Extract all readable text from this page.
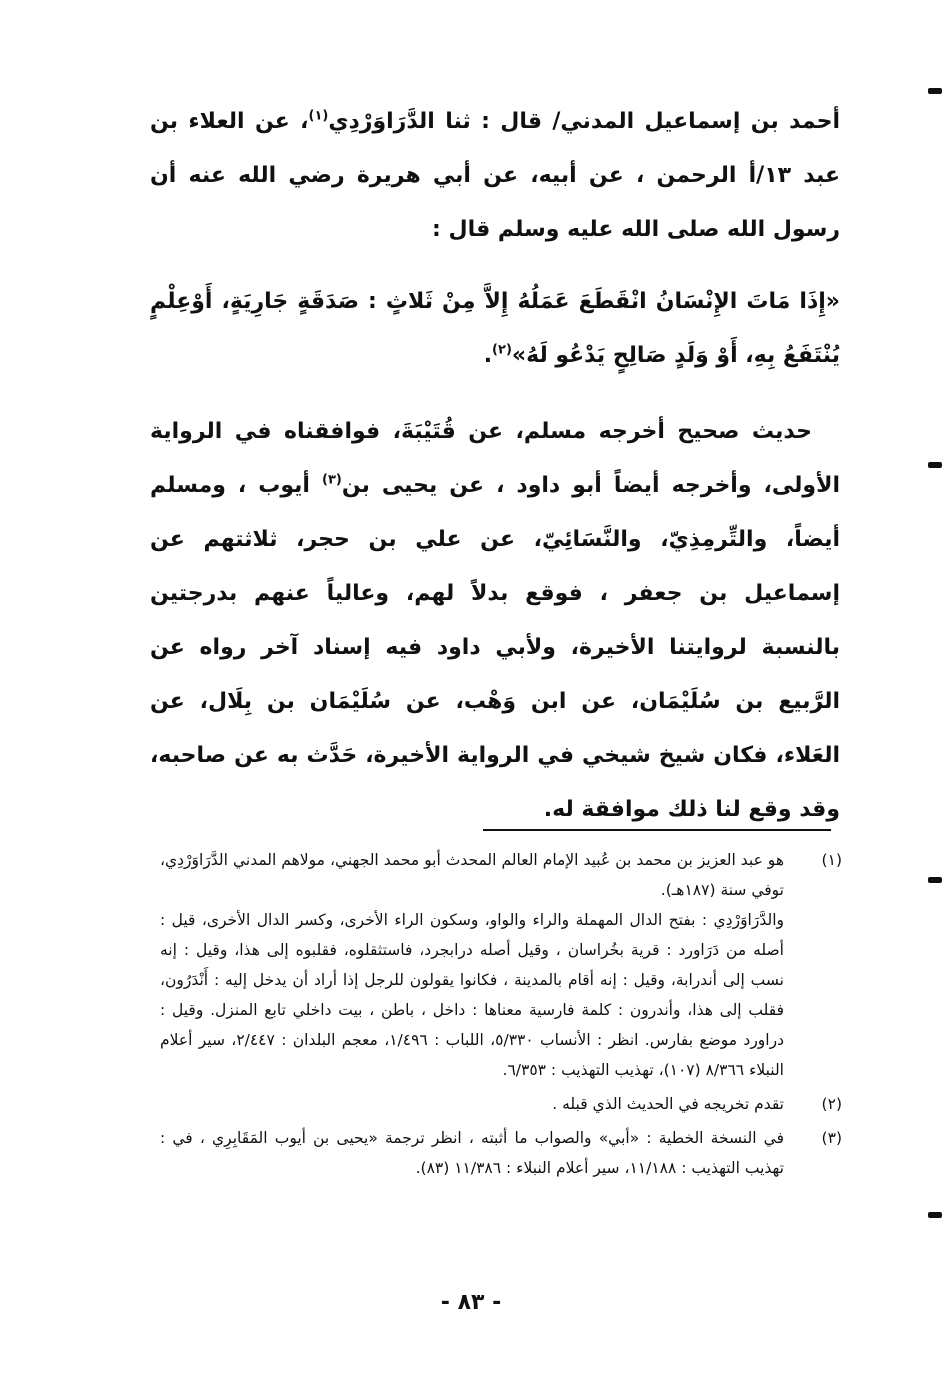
أحمد بن إسماعيل المدني/ قال : ثنا الدَّرَاوَرْدِي$^{(١)}$، عن العلاء بن عبد ١٣/أ الرحمن ، عن أبيه، عن أبي هريرة رضي الله عنه أن رسول الله صلى الله عليه وسلم قال :

«إِذَا مَاتَ الإِنْسَانُ انْقَطَعَ عَمَلُهُ إِلاَّ مِنْ ثَلاثٍ : صَدَقَةٍ جَارِيَةٍ، أَوْعِلْمٍ يُنْتَفَعُ بِهِ، أَوْ وَلَدٍ صَالِحٍ يَدْعُو لَهُ»$^{(٢)}$.

حديث صحيح أخرجه مسلم، عن قُتَيْبَةَ، فوافقناه في الرواية الأولى، وأخرجه أيضاً أبو داود ، عن يحيى بن$^{(٣)}$ أيوب ، ومسلم أيضاً، والتِّرمِذِيّ، والنَّسَائِيّ، عن علي بن حجر، ثلاثتهم عن إسماعيل بن جعفر ، فوقع بدلاً لهم، وعالياً عنهم بدرجتين بالنسبة لروايتنا الأخيرة، ولأبي داود فيه إسناد آخر رواه عن الرَّبيع بن سُلَيْمَان، عن ابن وَهْب، عن سُلَيْمَان بن بِلَال، عن العَلاء، فكان شيخ شيخي في الرواية الأخيرة، حَدَّث به عن صاحبه، وقد وقع لنا ذلك موافقة له.

(١)

هو عبد العزيز بن محمد بن عُبيد الإمام العالم المحدث أبو محمد الجهني، مولاهم المدني الدَّرَاوَرْدِي، توفي سنة (١٨٧هـ).

والدَّرَاوَرْدِي : بفتح الدال المهملة والراء والواو، وسكون الراء الأخرى، وكسر الدال الأخرى، قيل : أصله من دَرَاورد : قرية بخُراسان ، وقيل أصله درابجرد، فاستثقلوه، فقلبوه إلى هذا، وقيل : إنه نسب إلى أندرابة، وقيل : إنه أقام بالمدينة ، فكانوا يقولون للرجل إذا أراد أن يدخل إليه : أَنْدَرُون، فقلب إلى هذا، وأندرون : كلمة فارسية معناها : داخل ، باطن ، بيت داخلي تابع المنزل. وقيل : دراورد موضع بفارس. انظر : الأنساب ٥/٣٣٠، اللباب : ١/٤٩٦، معجم البلدان : ٢/٤٤٧، سير أعلام النبلاء ٨/٣٦٦ (١٠٧)، تهذيب التهذيب : ٦/٣٥٣.

(٢)

تقدم تخريجه في الحديث الذي قبله .

(٣)

في النسخة الخطية : «أبي» والصواب ما أثبته ، انظر ترجمة «يحيى بن أيوب المَقَابِرِي ، في : تهذيب التهذيب : ١١/١٨٨، سير أعلام النبلاء : ١١/٣٨٦ (٨٣).

- ٨٣ -
